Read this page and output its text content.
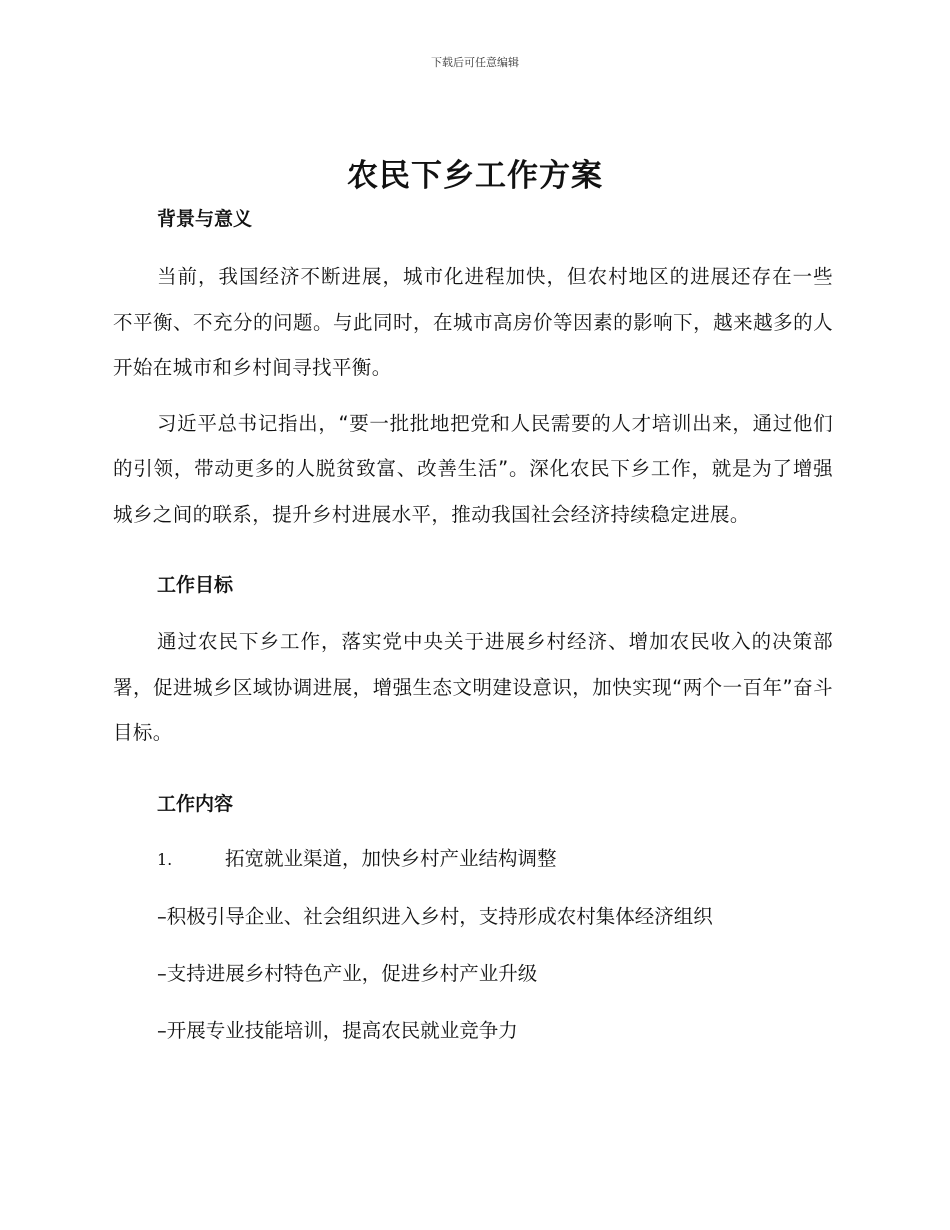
下载后可任意编辑
农民下乡工作方案
背景与意义

当前，我国经济不断进展，城市化进程加快，但农村地区的进展还存在一些不平衡、不充分的问题。与此同时，在城市高房价等因素的影响下，越来越多的人开始在城市和乡村间寻找平衡。

习近平总书记指出，“要一批批地把党和人民需要的人才培训出来，通过他们的引领，带动更多的人脱贫致富、改善生活”。深化农民下乡工作，就是为了增强城乡之间的联系，提升乡村进展水平，推动我国社会经济持续稳定进展。

工作目标

通过农民下乡工作，落实党中央关于进展乡村经济、增加农民收入的决策部署，促进城乡区域协调进展，增强生态文明建设意识，加快实现“两个一百年”奋斗目标。

工作内容

1.	拓宽就业渠道，加快乡村产业结构调整

–积极引导企业、社会组织进入乡村，支持形成农村集体经济组织

–支持进展乡村特色产业，促进乡村产业升级

–开展专业技能培训，提高农民就业竞争力
